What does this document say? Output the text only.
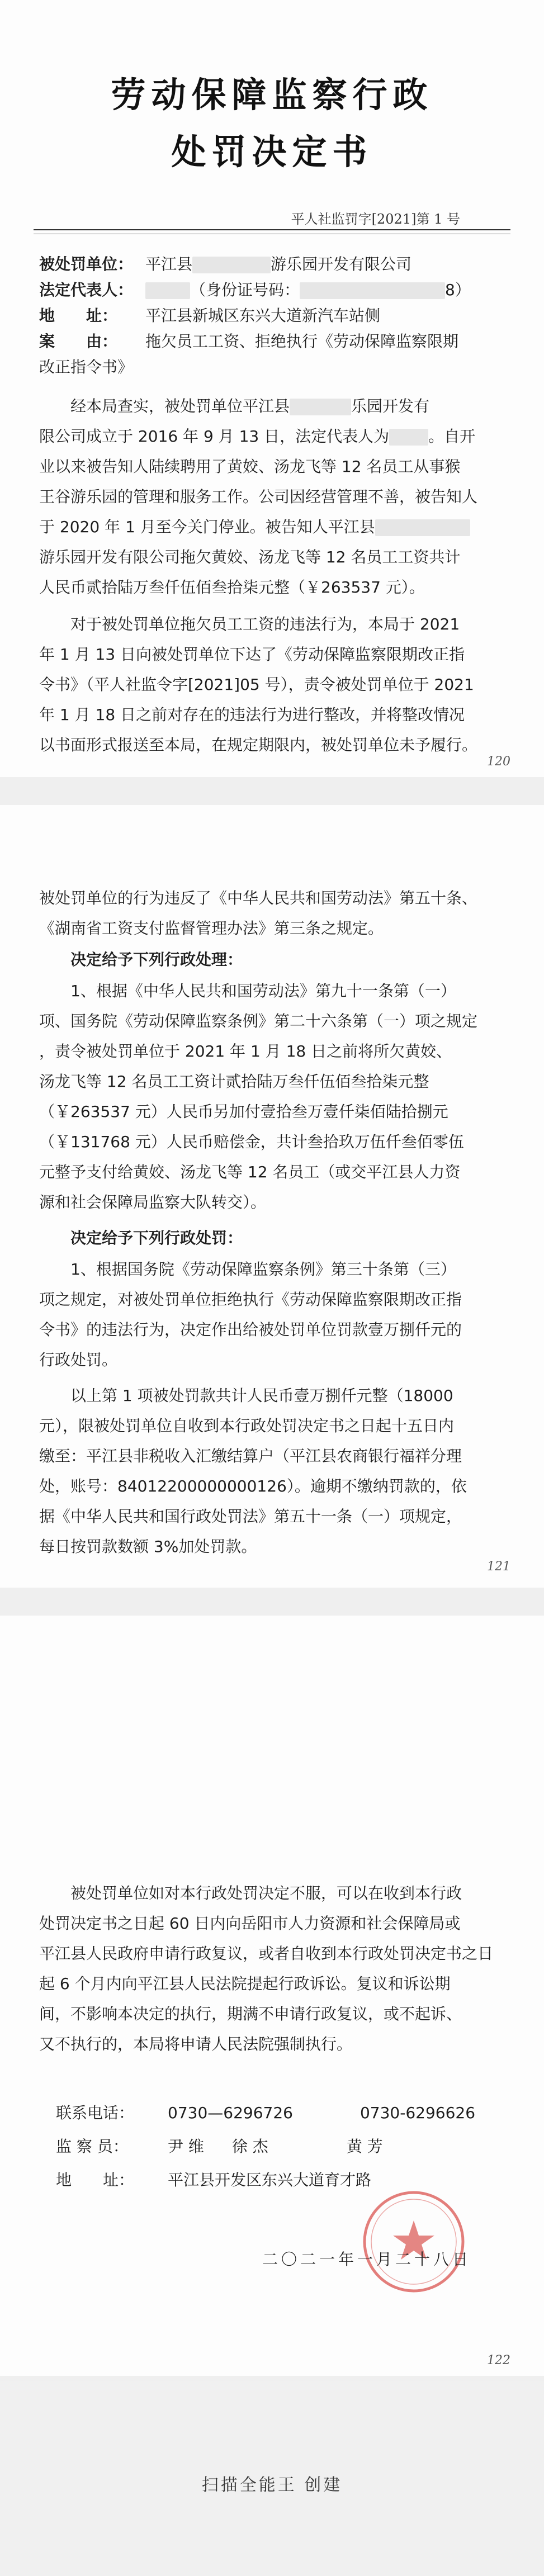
劳动保障监察行政
处罚决定书
平人社监罚字[2021]第 1 号
被处罚单位： 平江县	游乐园开发有限公司
法定代表人：	（身份证号码：	8）
地　　址： 平江县新城区东兴大道新汽车站侧
案　　由： 拖欠员工工资、拒绝执行《劳动保障监察限期
改正指令书》
经本局查实，被处罚单位平江县	乐园开发有
限公司成立于 2016 年 9 月 13 日，法定代表人为	。自开
业以来被告知人陆续聘用了黄姣、汤龙飞等 12 名员工从事猴
王谷游乐园的管理和服务工作。公司因经营管理不善，被告知人
于 2020 年 1 月至今关门停业。被告知人平江县
游乐园开发有限公司拖欠黄姣、汤龙飞等 12 名员工工资共计
人民币贰拾陆万叁仟伍佰叁拾柒元整（￥263537 元）。
对于被处罚单位拖欠员工工资的违法行为，本局于 2021
年 1 月 13 日向被处罚单位下达了《劳动保障监察限期改正指
令书》（平人社监令字[2021]05 号），责令被处罚单位于 2021
年 1 月 18 日之前对存在的违法行为进行整改，并将整改情况
以书面形式报送至本局，在规定期限内，被处罚单位未予履行。
120
被处罚单位的行为违反了《中华人民共和国劳动法》第五十条、
《湖南省工资支付监督管理办法》第三条之规定。
决定给予下列行政处理：
1、根据《中华人民共和国劳动法》第九十一条第（一）
项、国务院《劳动保障监察条例》第二十六条第（一）项之规定
，责令被处罚单位于 2021 年 1 月 18 日之前将所欠黄姣、
汤龙飞等 12 名员工工资计贰拾陆万叁仟伍佰叁拾柒元整
（￥263537 元）人民币另加付壹拾叁万壹仟柒佰陆拾捌元
（￥131768 元）人民币赔偿金，共计叁拾玖万伍仟叁佰零伍
元整予支付给黄姣、汤龙飞等 12 名员工（或交平江县人力资
源和社会保障局监察大队转交）。
决定给予下列行政处罚：
1、根据国务院《劳动保障监察条例》第三十条第（三）
项之规定，对被处罚单位拒绝执行《劳动保障监察限期改正指
令书》的违法行为，决定作出给被处罚单位罚款壹万捌仟元的
行政处罚。
以上第 1 项被处罚款共计人民币壹万捌仟元整（18000
元），限被处罚单位自收到本行政处罚决定书之日起十五日内
缴至：平江县非税收入汇缴结算户（平江县农商银行福祥分理
处，账号：84012200000000126）。逾期不缴纳罚款的，依
据《中华人民共和国行政处罚法》第五十一条（一）项规定，
每日按罚款数额 3%加处罚款。
121
被处罚单位如对本行政处罚决定不服，可以在收到本行政
处罚决定书之日起 60 日内向岳阳市人力资源和社会保障局或
平江县人民政府申请行政复议，或者自收到本行政处罚决定书之日
起 6 个月内向平江县人民法院提起行政诉讼。复议和诉讼期
间，不影响本决定的执行，期满不申请行政复议，或不起诉、
又不执行的，本局将申请人民法院强制执行。
联系电话： 0730—6296726	0730-6296626
监 察 员：	尹 维 徐 杰	黄 芳
地　　址： 平江县开发区东兴大道育才路
二〇二一年一月二十八日
122
扫描全能王 创建
